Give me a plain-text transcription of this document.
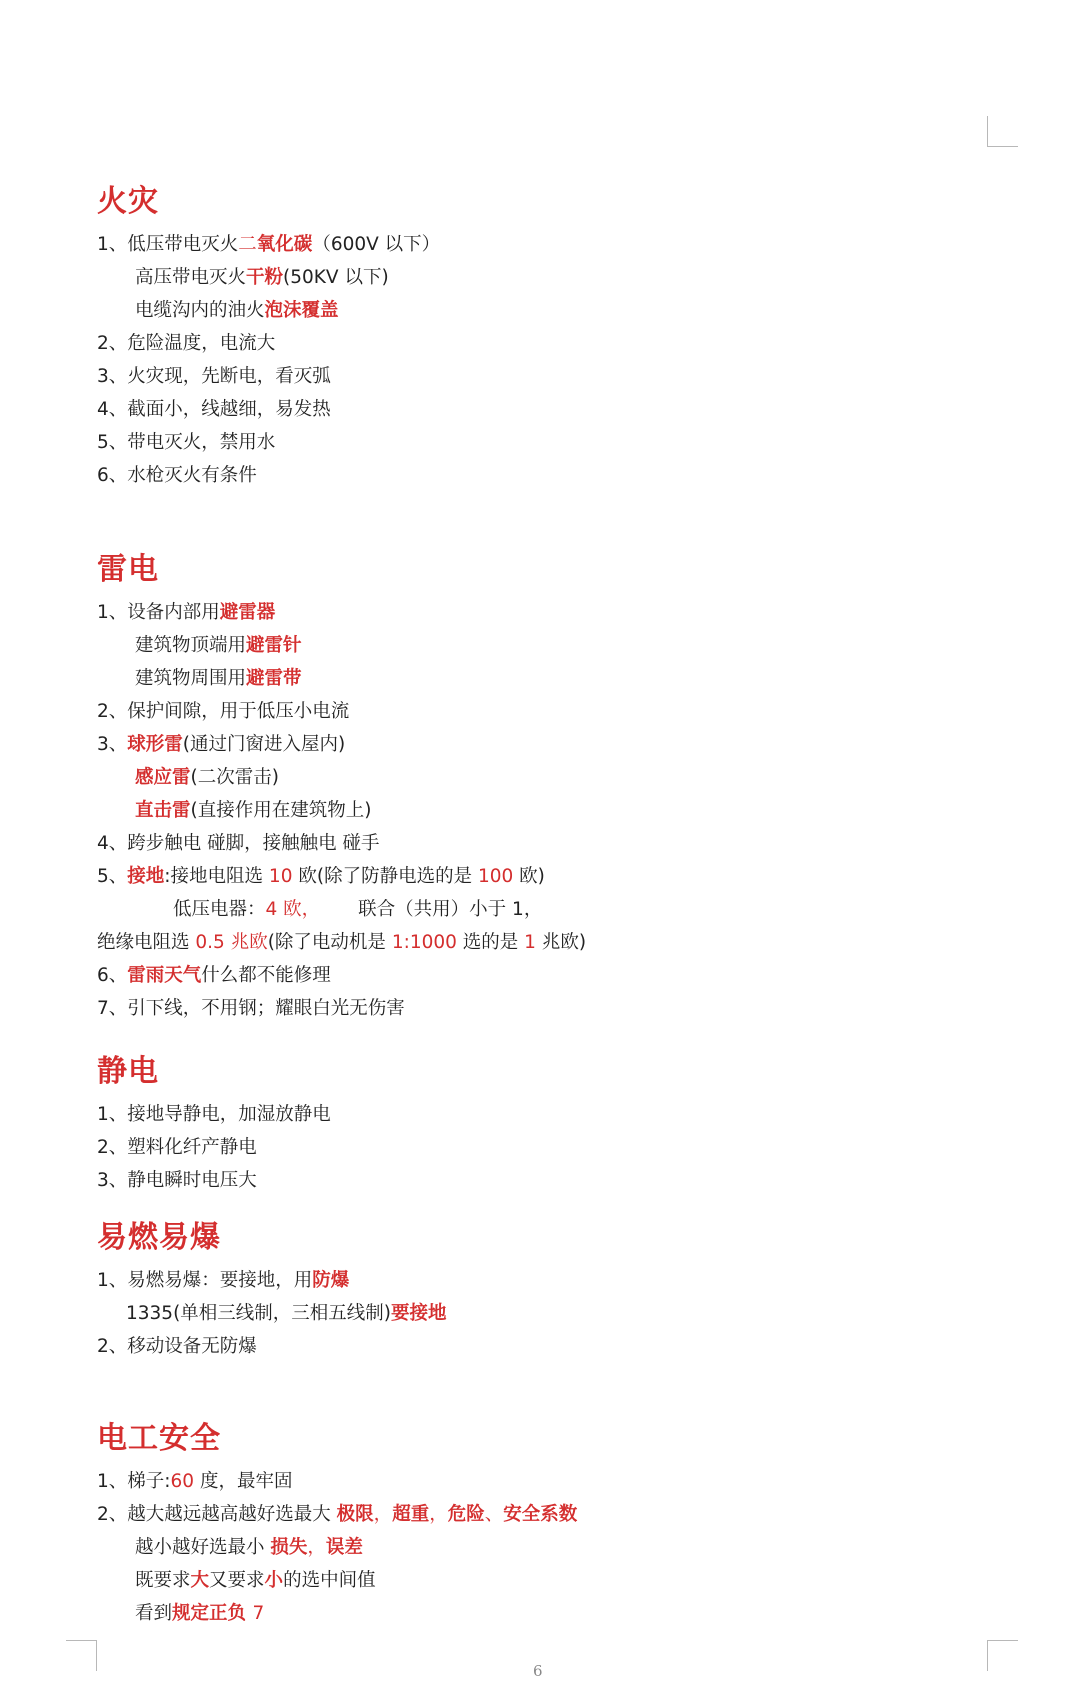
火灾
1、低压带电灭火二氧化碳（600V 以下）
高压带电灭火干粉(50KV 以下)
电缆沟内的油火泡沫覆盖
2、危险温度，电流大
3、火灾现，先断电，看灭弧
4、截面小，线越细，易发热
5、带电灭火，禁用水
6、水枪灭火有条件
雷电
1、设备内部用避雷器
建筑物顶端用避雷针
建筑物周围用避雷带
2、保护间隙，用于低压小电流
3、球形雷(通过门窗进入屋内)
感应雷(二次雷击)
直击雷(直接作用在建筑物上)
4、跨步触电 碰脚，接触触电 碰手
5、接地:接地电阻选 10 欧(除了防静电选的是 100 欧)
低压电器：4 欧， 联合（共用）小于 1，
绝缘电阻选 0.5 兆欧(除了电动机是 1:1000 选的是 1 兆欧)
6、雷雨天气什么都不能修理
7、引下线，不用钢；耀眼白光无伤害
静电
1、接地导静电，加湿放静电
2、塑料化纤产静电
3、静电瞬时电压大
易燃易爆
1、易燃易爆：要接地，用防爆
1335(单相三线制，三相五线制)要接地
2、移动设备无防爆
电工安全
1、梯子:60 度，最牢固
2、越大越远越高越好选最大 极限，超重，危险、安全系数
越小越好选最小 损失，误差
既要求大又要求小的选中间值
看到规定正负 7
6
